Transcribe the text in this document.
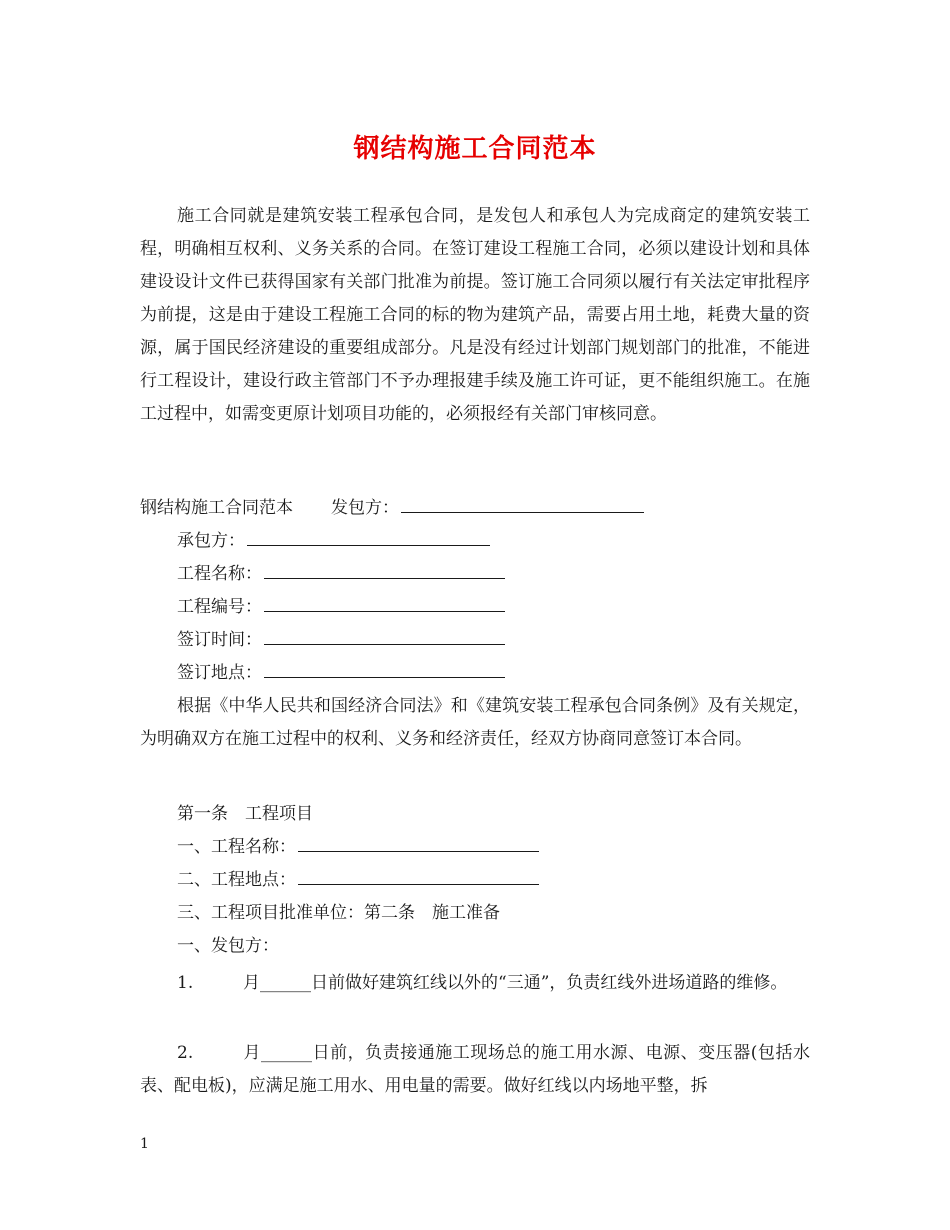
钢结构施工合同范本
施工合同就是建筑安装工程承包合同，是发包人和承包人为完成商定的建筑安装工程，明确相互权利、义务关系的合同。在签订建设工程施工合同，必须以建设计划和具体建设设计文件已获得国家有关部门批准为前提。签订施工合同须以履行有关法定审批程序为前提，这是由于建设工程施工合同的标的物为建筑产品，需要占用土地，耗费大量的资源，属于国民经济建设的重要组成部分。凡是没有经过计划部门规划部门的批准，不能进行工程设计，建设行政主管部门不予办理报建手续及施工许可证，更不能组织施工。在施工过程中，如需变更原计划项目功能的，必须报经有关部门审核同意。
钢结构施工合同范本 发包方：
承包方：
工程名称：
工程编号：
签订时间：
签订地点：
根据《中华人民共和国经济合同法》和《建筑安装工程承包合同条例》及有关规定，为明确双方在施工过程中的权利、义务和经济责任，经双方协商同意签订本合同。
第一条　工程项目
一、工程名称：
二、工程地点：
三、工程项目批准单位：第二条　施工准备
一、发包方：
1.	月______日前做好建筑红线以外的“三通”，负责红线外进场道路的维修。
2.	月______日前，负责接通施工现场总的施工用水源、电源、变压器(包括水表、配电板)，应满足施工用水、用电量的需要。做好红线以内场地平整，拆
1
